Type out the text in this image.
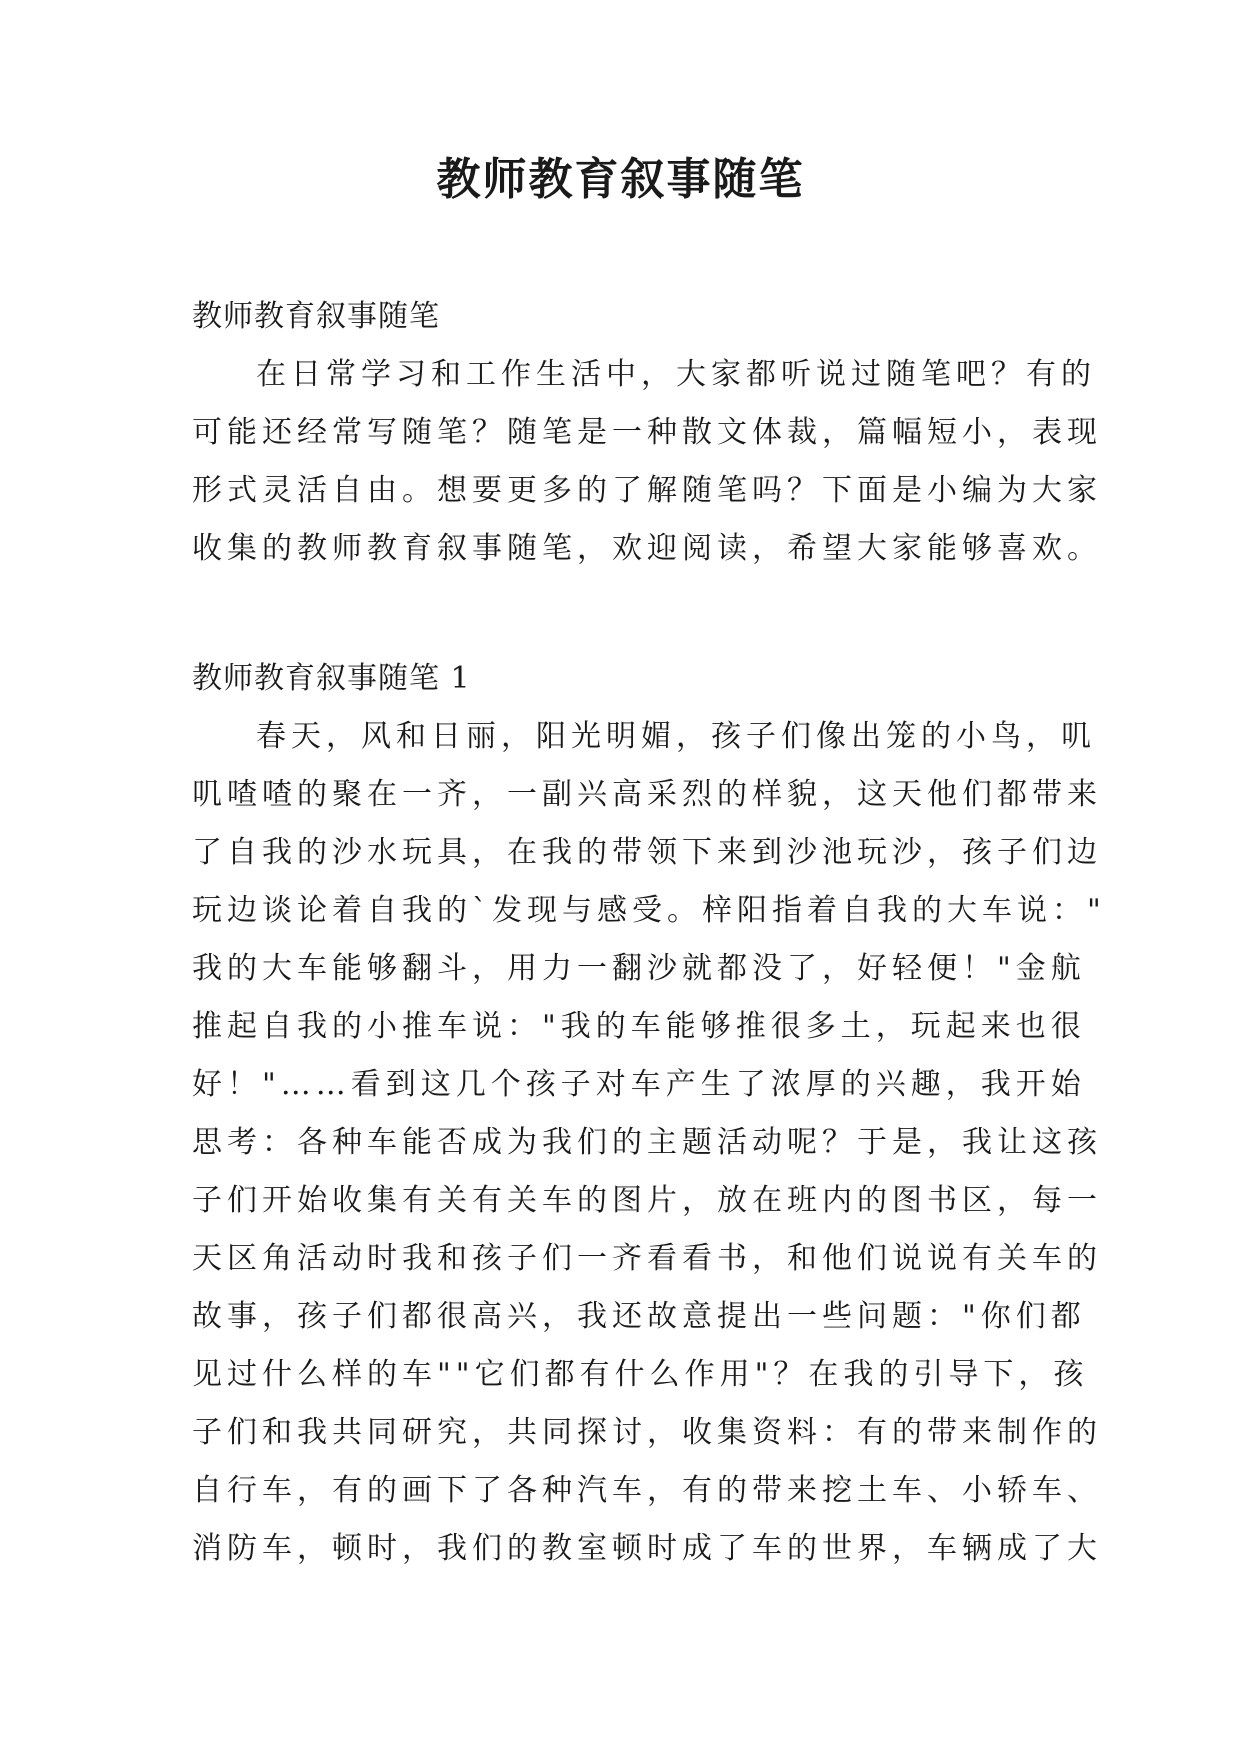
教师教育叙事随笔
教师教育叙事随笔
在日常学习和工作生活中，大家都听说过随笔吧？有的
可能还经常写随笔？随笔是一种散文体裁，篇幅短小，表现
形式灵活自由。想要更多的了解随笔吗？下面是小编为大家
收集的教师教育叙事随笔，欢迎阅读，希望大家能够喜欢。
教师教育叙事随笔 1
春天，风和日丽，阳光明媚，孩子们像出笼的小鸟，叽
叽喳喳的聚在一齐，一副兴高采烈的样貌，这天他们都带来
了自我的沙水玩具，在我的带领下来到沙池玩沙，孩子们边
玩边谈论着自我的`发现与感受。梓阳指着自我的大车说："
我的大车能够翻斗，用力一翻沙就都没了，好轻便！"金航
推起自我的小推车说："我的车能够推很多土，玩起来也很
好！"……看到这几个孩子对车产生了浓厚的兴趣，我开始
思考：各种车能否成为我们的主题活动呢？于是，我让这孩
子们开始收集有关有关车的图片，放在班内的图书区，每一
天区角活动时我和孩子们一齐看看书，和他们说说有关车的
故事，孩子们都很高兴，我还故意提出一些问题："你们都
见过什么样的车""它们都有什么作用"？在我的引导下，孩
子们和我共同研究，共同探讨，收集资料：有的带来制作的
自行车，有的画下了各种汽车，有的带来挖土车、小轿车、
消防车，顿时，我们的教室顿时成了车的世界，车辆成了大
